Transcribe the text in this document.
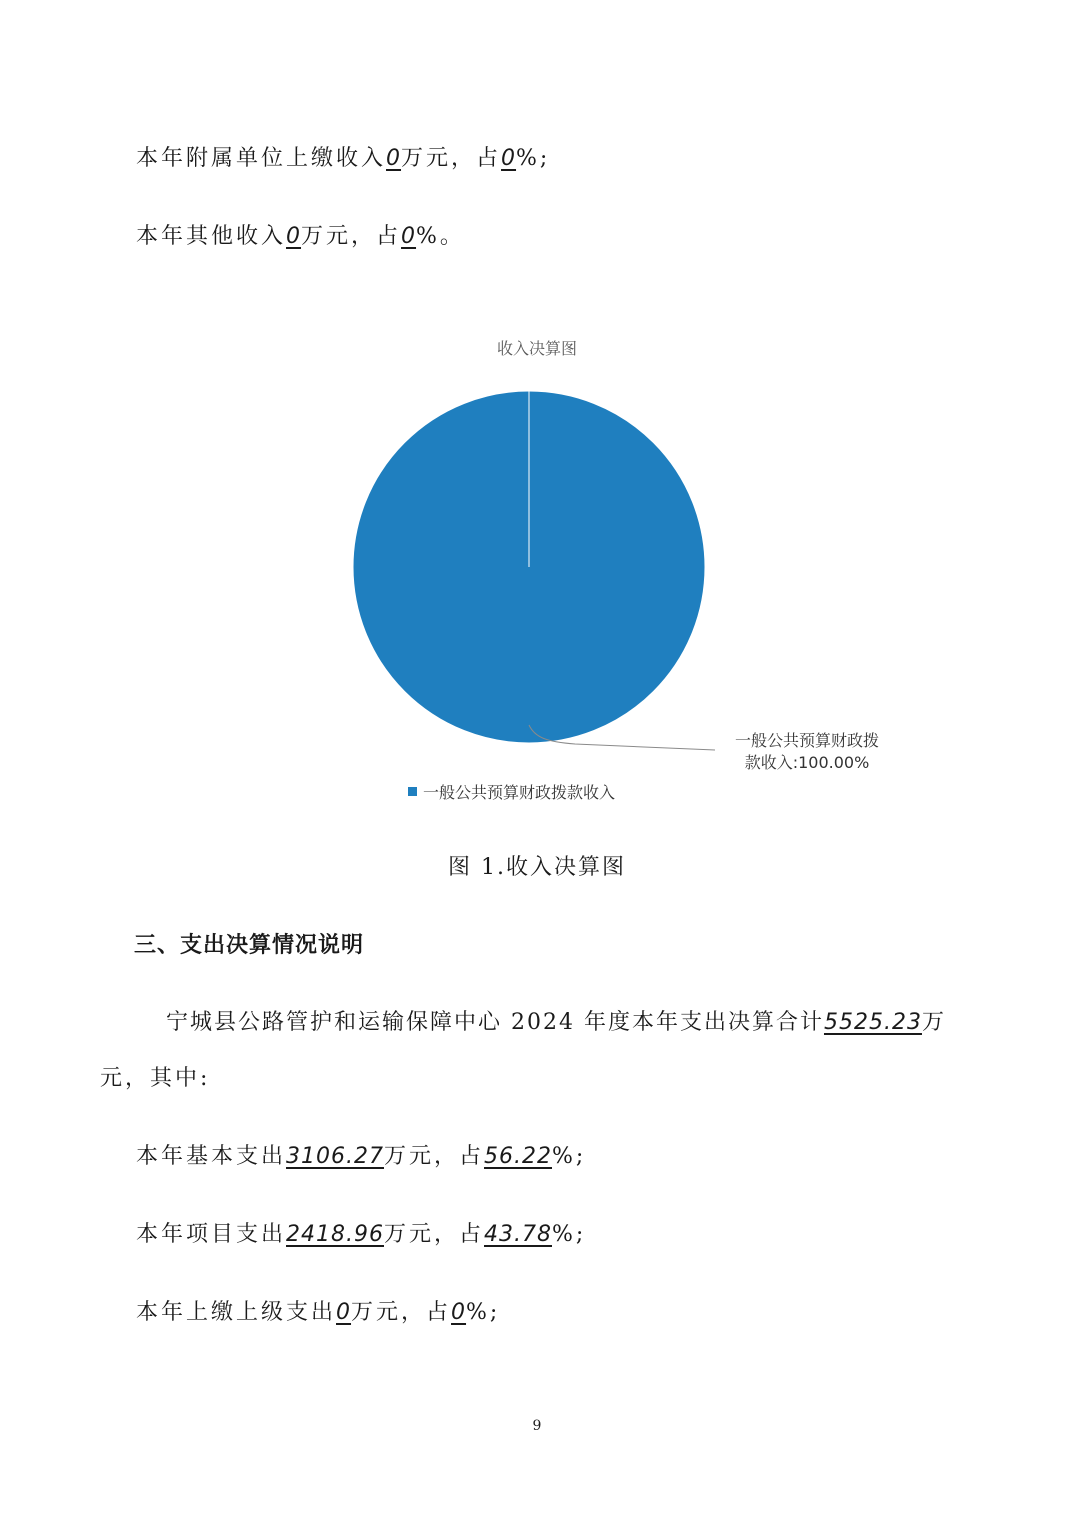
本年附属单位上缴收入0万元，占0%;
本年其他收入0万元，占0%。
收入决算图
一般公共预算财政拨
款收入:100.00%
一般公共预算财政拨款收入
图 1.收入决算图
三、支出决算情况说明
宁城县公路管护和运输保障中心 2024 年度本年支出决算合计5525.23万
元，其中:
本年基本支出3106.27万元，占56.22%;
本年项目支出2418.96万元，占43.78%;
本年上缴上级支出0万元，占0%;
9
